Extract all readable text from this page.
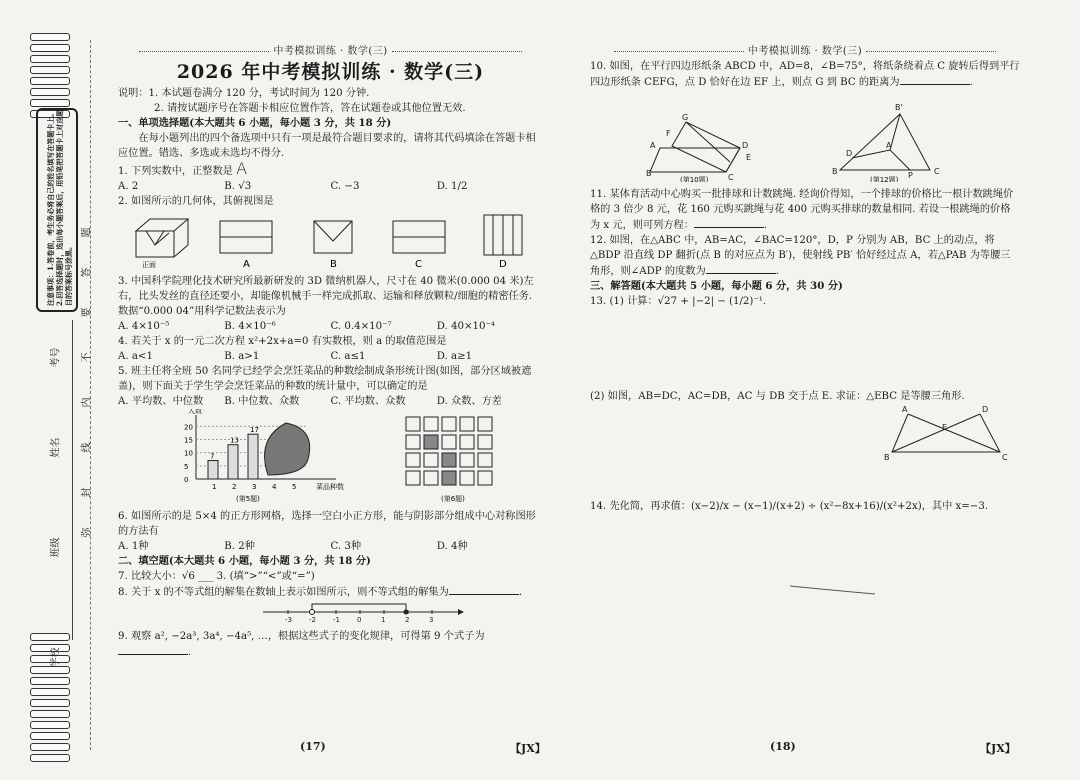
注意事项：1.答卷前，考生务必将自己的姓名填写在答题卡上。2.回答选择题时，选出每小题答案后，用铅笔把答题卡上对应题目的答案标号涂黑。
学校
班级
姓名
考号
弥
封
线
内
不
要
答
题
中考模拟训练 · 数学(三)
2026 年中考模拟训练 · 数学(三)
说明：1. 本试题卷满分 120 分，考试时间为 120 分钟.
2. 请按试题序号在答题卡相应位置作答，答在试题卷或其他位置无效.
一、单项选择题(本大题共 6 小题，每小题 3 分，共 18 分)
在每小题列出的四个备选项中只有一项是最符合题目要求的，请将其代码填涂在答题卡相应位置。错选、多选或未选均不得分.
1. 下列实数中，正整数是 A
A. 2	B. √3	C. −3	D. 1/2
2. 如图所示的几何体，其俯视图是
正面	A	B	C	D
3. 中国科学院理化技术研究所最新研发的 3D 微纳机器人，尺寸在 40 微米(0.000 04 米)左右，比头发丝的直径还要小，却能像机械手一样完成抓取、运输和释放颗粒/细胞的精密任务. 数据“0.000 04”用科学记数法表示为
A. 4×10⁻⁵	B. 4×10⁻⁶	C. 0.4×10⁻⁷	D. 40×10⁻⁴
4. 若关于 x 的一元二次方程 x²+2x+a=0 有实数根，则 a 的取值范围是
A. a<1	B. a>1	C. a≤1	D. a≥1
5. 班主任将全班 50 名同学已经学会烹饪菜品的种数绘制成条形统计图(如图，部分区域被遮盖)，则下面关于学生学会烹饪菜品的种数的统计量中，可以确定的是
A. 平均数、中位数	B. 中位数、众数	C. 平均数、众数	D. 众数、方差
人数
菜品种数
0
5
10
15
20
1
7
2
13
3
17
4 5
(第5题)
	(第6题)
6. 如图所示的是 5×4 的正方形网格，选择一空白小正方形，能与阴影部分组成中心对称图形的方法有
A. 1种	B. 2种	C. 3种	D. 4种
二、填空题(本大题共 6 小题，每小题 3 分，共 18 分)
7. 比较大小：√6 ___ 3. (填“>”“<”或“=”)
8. 关于 x 的不等式组的解集在数轴上表示如图所示，则不等式组的解集为	.
-3 -2 -1 0	1	2	3
9. 观察 a², −2a³, 3a⁴, −4a⁵, …，根据这些式子的变化规律，可得第 9 个式子为.
(17)	【JX】
中考模拟训练 · 数学(三)
10. 如图，在平行四边形纸条 ABCD 中，AD=8，∠B=75°，将纸条绕着点 C 旋转后得到平行四边形纸条 CEFG，点 D 恰好在边 EF 上，则点 G 到 BC 的距离为	.
G
F
A
B
D
E
C
B'
A
D
B	P	C
(第10题)	(第12题)
11. 某体育活动中心购买一批排球和计数跳绳. 经询价得知，一个排球的价格比一根计数跳绳价格的 3 倍少 8 元，花 160 元购买跳绳与花 400 元购买排球的数量相同. 若设一根跳绳的价格为 x 元，则可列方程：	.
12. 如图，在△ABC 中，AB=AC，∠BAC=120°，D，P 分别为 AB，BC 上的动点，将△BDP 沿直线 DP 翻折(点 B 的对应点为 B′)，使射线 PB′ 恰好经过点 A，若△PAB 为等腰三角形，则∠ADP 的度数为	.
三、解答题(本大题共 5 小题，每小题 6 分，共 30 分)
13. (1) 计算：√27 + |−2| − (1/2)⁻¹.
(2) 如图，AB=DC，AC=DB，AC 与 DB 交于点 E. 求证：△EBC 是等腰三角形.
A	D
E
B	C
14. 先化简，再求值：(x−2)/x − (x−1)/(x+2) ÷ (x²−8x+16)/(x²+2x)，其中 x=−3.
(18)	【JX】
